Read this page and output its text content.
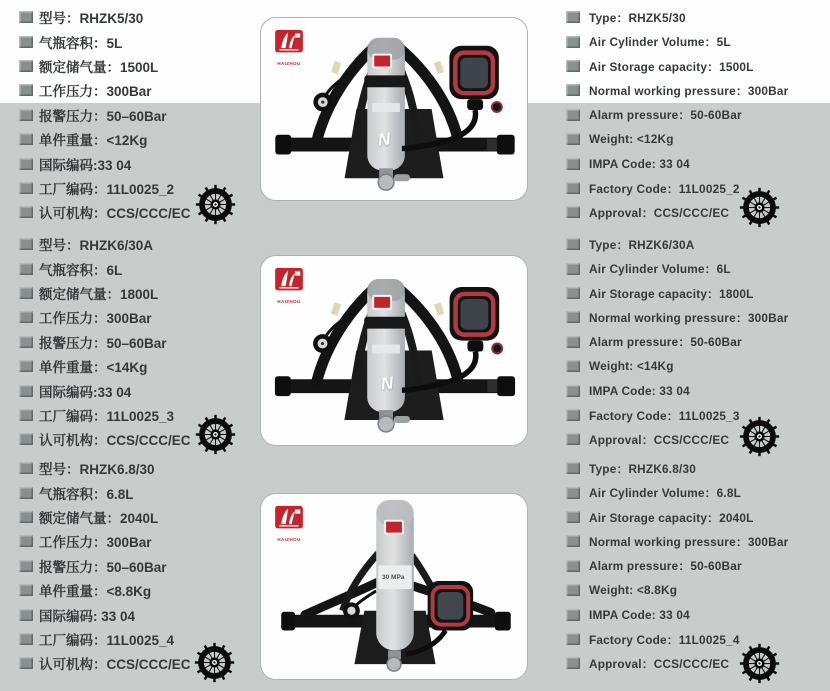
型号：RHZK5/30
气瓶容积：5L
额定储气量：1500L
工作压力：300Bar
报警压力：50–60Bar
单件重量：<12Kg
国际编码:33 04
工厂编码：11L0025_2
认可机构：CCS/CCC/EC
Type：RHZK5/30
Air Cylinder Volume：5L
Air Storage capacity：1500L
Normal working pressure：300Bar
Alarm pressure：50-60Bar
Weight: <12Kg
IMPA Code: 33 04
Factory Code：11L0025_2
Approval：CCS/CCC/EC
型号：RHZK6/30A
气瓶容积：6L
额定储气量：1800L
工作压力：300Bar
报警压力：50–60Bar
单件重量：<14Kg
国际编码:33 04
工厂编码：11L0025_3
认可机构：CCS/CCC/EC
Type：RHZK6/30A
Air Cylinder Volume：6L
Air Storage capacity：1800L
Normal working pressure：300Bar
Alarm pressure：50-60Bar
Weight: <14Kg
IMPA Code: 33 04
Factory Code：11L0025_3
Approval：CCS/CCC/EC
型号：RHZK6.8/30
气瓶容积：6.8L
额定储气量：2040L
工作压力：300Bar
报警压力：50–60Bar
单件重量：<8.8Kg
国际编码: 33 04
工厂编码：11L0025_4
认可机构：CCS/CCC/EC
Type：RHZK6.8/30
Air Cylinder Volume：6.8L
Air Storage capacity：2040L
Normal working pressure：300Bar
Alarm pressure：50-60Bar
Weight: <8.8Kg
IMPA Code: 33 04
Factory Code：11L0025_4
Approval：CCS/CCC/EC
HAIZHOU
N
HAIZHOU
N
HAIZHOU
30 MPa
